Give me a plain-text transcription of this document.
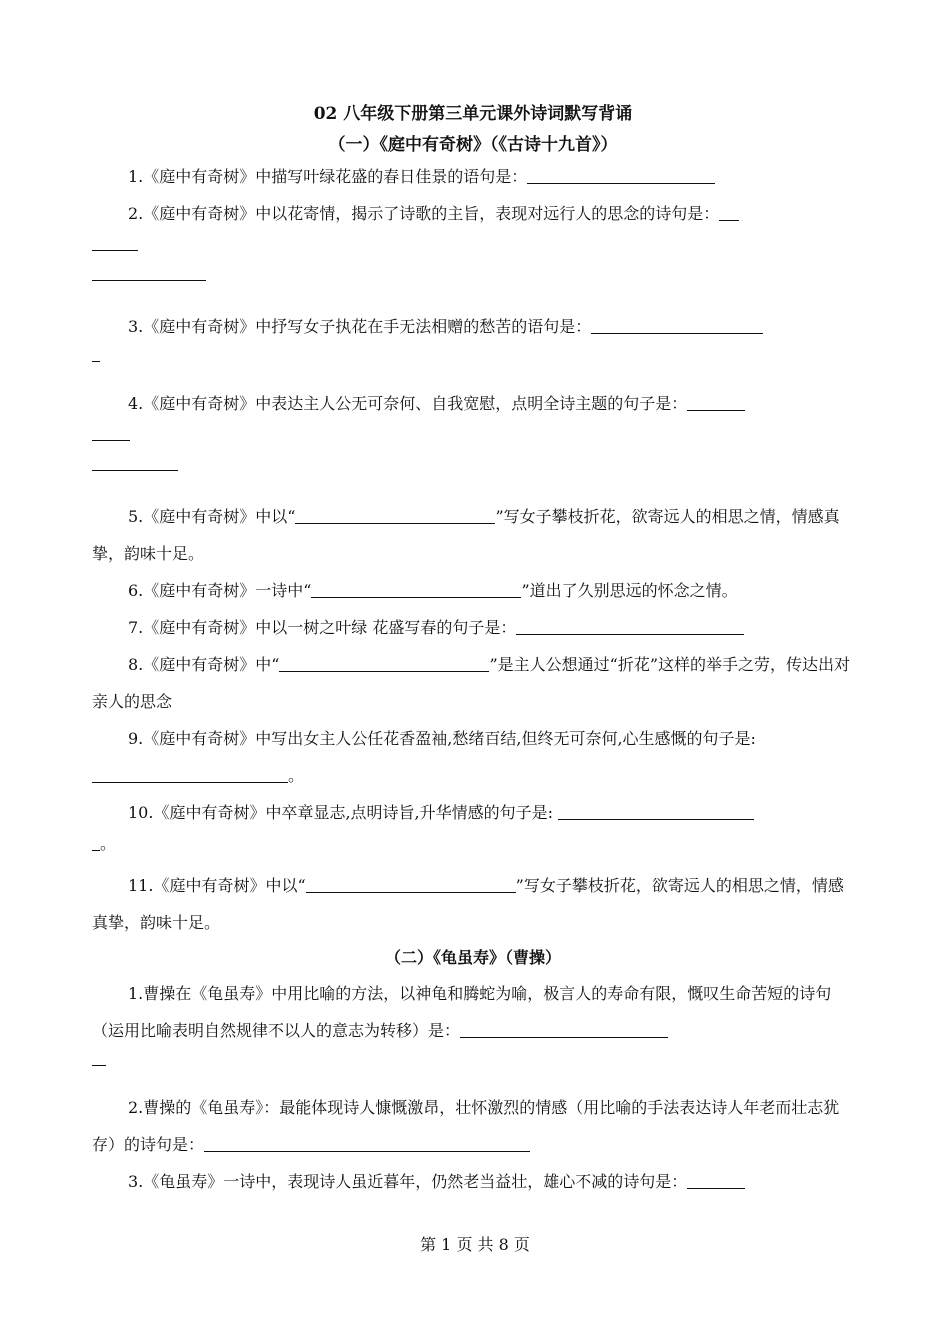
02 八年级下册第三单元课外诗词默写背诵
（一）《庭中有奇树》（《古诗十九首》）

1.《庭中有奇树》中描写叶绿花盛的春日佳景的语句是：

2.《庭中有奇树》中以花寄情，揭示了诗歌的主旨，表现对远行人的思念的诗句是：

3.《庭中有奇树》中抒写女子执花在手无法相赠的愁苦的语句是：

4.《庭中有奇树》中表达主人公无可奈何、自我宽慰，点明全诗主题的句子是：

5.《庭中有奇树》中以“	”写女子攀枝折花，欲寄远人的相思之情，情感真挚，韵味十足。

6.《庭中有奇树》一诗中“	”道出了久别思远的怀念之情。

7.《庭中有奇树》中以一树之叶绿 花盛写春的句子是：

8.《庭中有奇树》中“	”是主人公想通过“折花”这样的举手之劳，传达出对亲人的思念

9.《庭中有奇树》中写出女主人公任花香盈袖,愁绪百结,但终无可奈何,心生感慨的句子是: 。

10.《庭中有奇树》中卒章显志,点明诗旨,升华情感的句子是:

。

11.《庭中有奇树》中以“	”写女子攀枝折花，欲寄远人的相思之情，情感真挚，韵味十足。

（二）《龟虽寿》（曹操）

1.曹操在《龟虽寿》中用比喻的方法，以神龟和腾蛇为喻，极言人的寿命有限，慨叹生命苦短的诗句（运用比喻表明自然规律不以人的意志为转移）是：

2.曹操的《龟虽寿》：最能体现诗人慷慨激昂，壮怀激烈的情感（用比喻的手法表达诗人年老而壮志犹存）的诗句是：

3.《龟虽寿》一诗中，表现诗人虽近暮年，仍然老当益壮，雄心不减的诗句是：

第 1 页 共 8 页
